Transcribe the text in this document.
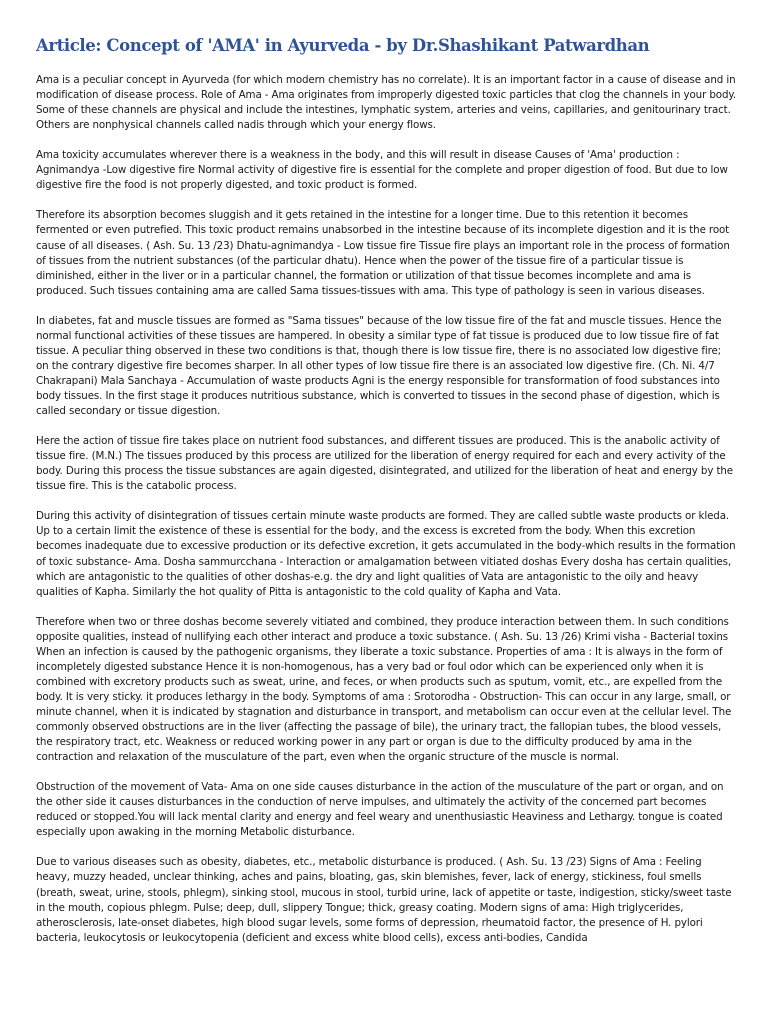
Article: Concept of 'AMA' in Ayurveda - by Dr.Shashikant Patwardhan

Ama is a peculiar concept in Ayurveda (for which modern chemistry has no correlate). It is an important factor in a cause of disease and in modification of disease process. Role of Ama - Ama originates from improperly digested toxic particles that clog the channels in your body. Some of these channels are physical and include the intestines, lymphatic system, arteries and veins, capillaries, and genitourinary tract. Others are nonphysical channels called nadis through which your energy flows.

Ama toxicity accumulates wherever there is a weakness in the body, and this will result in disease Causes of 'Ama' production : Agnimandya -Low digestive fire Normal activity of digestive fire is essential for the complete and proper digestion of food. But due to low digestive fire the food is not properly digested, and toxic product is formed.

Therefore its absorption becomes sluggish and it gets retained in the intestine for a longer time. Due to this retention it becomes fermented or even putrefied. This toxic product remains unabsorbed in the intestine because of its incomplete digestion and it is the root cause of all diseases. ( Ash. Su. 13 /23) Dhatu-agnimandya - Low tissue fire Tissue fire plays an important role in the process of formation of tissues from the nutrient substances (of the particular dhatu). Hence when the power of the tissue fire of a particular tissue is diminished, either in the liver or in a particular channel, the formation or utilization of that tissue becomes incomplete and ama is produced. Such tissues containing ama are called Sama tissues-tissues with ama. This type of pathology is seen in various diseases.

In diabetes, fat and muscle tissues are formed as "Sama tissues" because of the low tissue fire of the fat and muscle tissues. Hence the normal functional activities of these tissues are hampered. In obesity a similar type of fat tissue is produced due to low tissue fire of fat tissue. A peculiar thing observed in these two conditions is that, though there is low tissue fire, there is no associated low digestive fire; on the contrary digestive fire becomes sharper. In all other types of low tissue fire there is an associated low digestive fire. (Ch. Ni. 4/7 Chakrapani) Mala Sanchaya - Accumulation of waste products Agni is the energy responsible for transformation of food substances into body tissues. In the first stage it produces nutritious substance, which is converted to tissues in the second phase of digestion, which is called secondary or tissue digestion.

Here the action of tissue fire takes place on nutrient food substances, and different tissues are produced. This is the anabolic activity of tissue fire. (M.N.) The tissues produced by this process are utilized for the liberation of energy required for each and every activity of the body. During this process the tissue substances are again digested, disintegrated, and utilized for the liberation of heat and energy by the tissue fire. This is the catabolic process.

During this activity of disintegration of tissues certain minute waste products are formed. They are called subtle waste products or kleda. Up to a certain limit the existence of these is essential for the body, and the excess is excreted from the body. When this excretion becomes inadequate due to excessive production or its defective excretion, it gets accumulated in the body-which results in the formation of toxic substance- Ama. Dosha sammurcchana - Interaction or amalgamation between vitiated doshas Every dosha has certain qualities, which are antagonistic to the qualities of other doshas-e.g. the dry and light qualities of Vata are antagonistic to the oily and heavy qualities of Kapha. Similarly the hot quality of Pitta is antagonistic to the cold quality of Kapha and Vata.

Therefore when two or three doshas become severely vitiated and combined, they produce interaction between them. In such conditions opposite qualities, instead of nullifying each other interact and produce a toxic substance. ( Ash. Su. 13 /26) Krimi visha - Bacterial toxins When an infection is caused by the pathogenic organisms, they liberate a toxic substance. Properties of ama : It is always in the form of incompletely digested substance Hence it is non-homogenous, has a very bad or foul odor which can be experienced only when it is combined with excretory products such as sweat, urine, and feces, or when products such as sputum, vomit, etc., are expelled from the body. It is very sticky. it produces lethargy in the body. Symptoms of ama : Srotorodha - Obstruction- This can occur in any large, small, or minute channel, when it is indicated by stagnation and disturbance in transport, and metabolism can occur even at the cellular level. The commonly observed obstructions are in the liver (affecting the passage of bile), the urinary tract, the fallopian tubes, the blood vessels, the respiratory tract, etc. Weakness or reduced working power in any part or organ is due to the difficulty produced by ama in the contraction and relaxation of the musculature of the part, even when the organic structure of the muscle is normal.

Obstruction of the movement of Vata- Ama on one side causes disturbance in the action of the musculature of the part or organ, and on the other side it causes disturbances in the conduction of nerve impulses, and ultimately the activity of the concerned part becomes reduced or stopped.You will lack mental clarity and energy and feel weary and unenthusiastic Heaviness and Lethargy. tongue is coated especially upon awaking in the morning Metabolic disturbance.

Due to various diseases such as obesity, diabetes, etc., metabolic disturbance is produced. ( Ash. Su. 13 /23) Signs of Ama : Feeling heavy, muzzy headed, unclear thinking, aches and pains, bloating, gas, skin blemishes, fever, lack of energy, stickiness, foul smells (breath, sweat, urine, stools, phlegm), sinking stool, mucous in stool, turbid urine, lack of appetite or taste, indigestion, sticky/sweet taste in the mouth, copious phlegm. Pulse; deep, dull, slippery Tongue; thick, greasy coating. Modern signs of ama: High triglycerides, atherosclerosis, late-onset diabetes, high blood sugar levels, some forms of depression, rheumatoid factor, the presence of H. pylori bacteria, leukocytosis or leukocytopenia (deficient and excess white blood cells), excess anti-bodies, Candida
